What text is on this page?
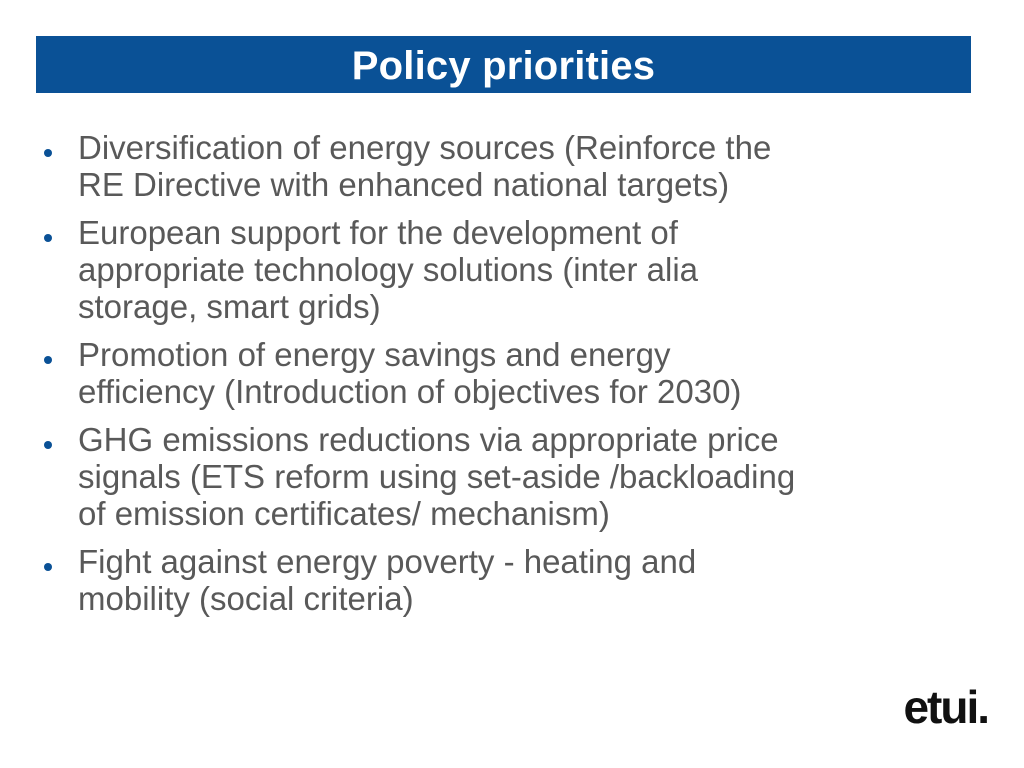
Policy priorities
Diversification of energy sources (Reinforce the
RE Directive with enhanced national targets)
European support for the development of
appropriate technology solutions (inter alia
storage, smart grids)
Promotion of energy savings and energy
efficiency (Introduction of objectives for 2030)
GHG emissions reductions via appropriate price
signals (ETS reform using set-aside /backloading
of emission certificates/ mechanism)
Fight against energy poverty - heating and
mobility (social criteria)
etui.
